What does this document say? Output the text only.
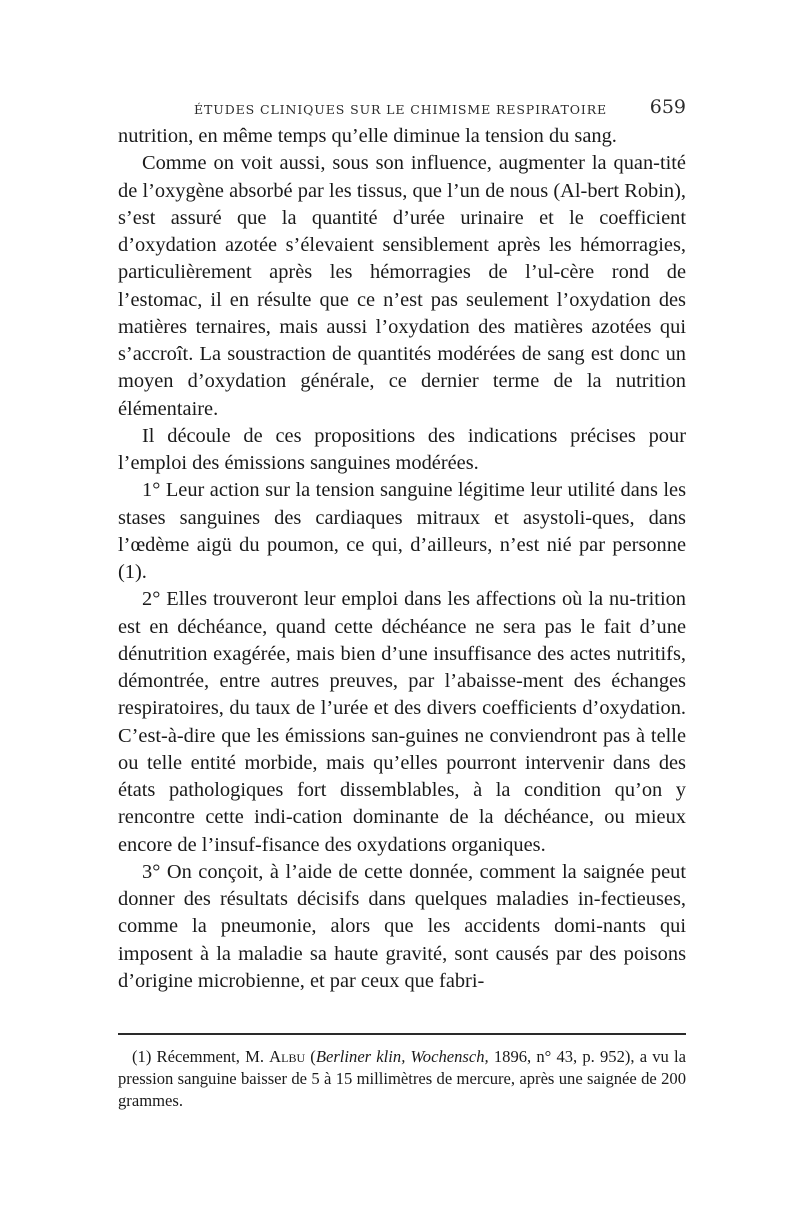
ÉTUDES CLINIQUES SUR LE CHIMISME RESPIRATOIRE 659

nutrition, en même temps qu’elle diminue la tension du sang.

Comme on voit aussi, sous son influence, augmenter la quan-tité de l’oxygène absorbé par les tissus, que l’un de nous (Al-bert Robin), s’est assuré que la quantité d’urée urinaire et le coefficient d’oxydation azotée s’élevaient sensiblement après les hémorragies, particulièrement après les hémorragies de l’ul-cère rond de l’estomac, il en résulte que ce n’est pas seulement l’oxydation des matières ternaires, mais aussi l’oxydation des matières azotées qui s’accroît. La soustraction de quantités modérées de sang est donc un moyen d’oxydation générale, ce dernier terme de la nutrition élémentaire.

Il découle de ces propositions des indications précises pour l’emploi des émissions sanguines modérées.

1° Leur action sur la tension sanguine légitime leur utilité dans les stases sanguines des cardiaques mitraux et asystoli-ques, dans l’œdème aigü du poumon, ce qui, d’ailleurs, n’est nié par personne (1).

2° Elles trouveront leur emploi dans les affections où la nu-trition est en déchéance, quand cette déchéance ne sera pas le fait d’une dénutrition exagérée, mais bien d’une insuffisance des actes nutritifs, démontrée, entre autres preuves, par l’abaisse-ment des échanges respiratoires, du taux de l’urée et des divers coefficients d’oxydation. C’est-à-dire que les émissions san-guines ne conviendront pas à telle ou telle entité morbide, mais qu’elles pourront intervenir dans des états pathologiques fort dissemblables, à la condition qu’on y rencontre cette indi-cation dominante de la déchéance, ou mieux encore de l’insuf-fisance des oxydations organiques.

3° On conçoit, à l’aide de cette donnée, comment la saignée peut donner des résultats décisifs dans quelques maladies in-fectieuses, comme la pneumonie, alors que les accidents domi-nants qui imposent à la maladie sa haute gravité, sont causés par des poisons d’origine microbienne, et par ceux que fabri-

(1) Récemment, M. Albu (Berliner klin, Wochensch, 1896, n° 43, p. 952), a vu la pression sanguine baisser de 5 à 15 millimètres de mercure, après une saignée de 200 grammes.
